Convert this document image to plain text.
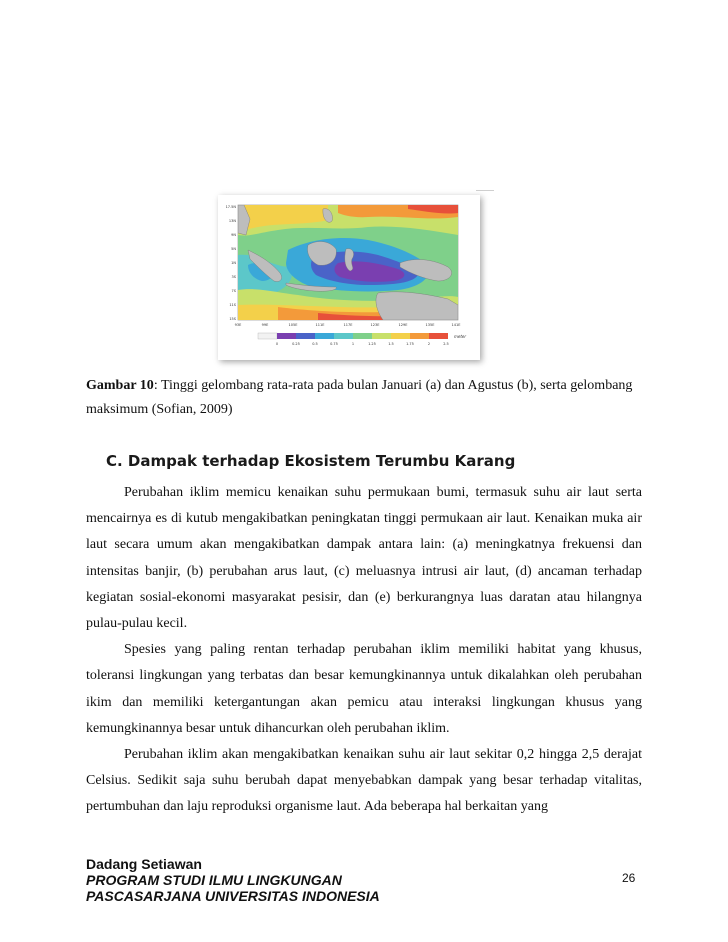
17.5N
13N
9N
5N
1N
3S
7S
11S
15S
93E	99E	105E	111E	117E	123E	129E	135E	141E
0	0.25	0.5	0.75	1	1.25	1.5	1.75	2	2.5
meter
Gambar 10: Tinggi gelombang rata-rata pada bulan Januari (a) dan Agustus (b), serta gelombang maksimum (Sofian, 2009)
C. Dampak terhadap Ekosistem Terumbu Karang

Perubahan iklim memicu kenaikan suhu permukaan bumi, termasuk suhu air laut serta mencairnya es di kutub mengakibatkan peningkatan tinggi permukaan air laut. Kenaikan muka air laut secara umum akan mengakibatkan dampak antara lain: (a) meningkatnya frekuensi dan intensitas banjir, (b) perubahan arus laut, (c) meluasnya intrusi air laut, (d) ancaman terhadap kegiatan sosial-ekonomi masyarakat pesisir, dan (e) berkurangnya luas daratan atau hilangnya pulau-pulau kecil.

Spesies yang paling rentan terhadap perubahan iklim memiliki habitat yang khusus, toleransi lingkungan yang terbatas dan besar kemungkinannya untuk dikalahkan oleh perubahan ikim dan memiliki ketergantungan akan pemicu atau interaksi lingkungan khusus yang kemungkinannya besar untuk dihancurkan oleh perubahan iklim.

Perubahan iklim akan mengakibatkan kenaikan suhu air laut sekitar 0,2 hingga 2,5 derajat Celsius. Sedikit saja suhu berubah dapat menyebabkan dampak yang besar terhadap vitalitas, pertumbuhan dan laju reproduksi organisme laut. Ada beberapa hal berkaitan yang

Dadang Setiawan
PROGRAM STUDI ILMU LINGKUNGAN
PASCASARJANA UNIVERSITAS INDONESIA
26
